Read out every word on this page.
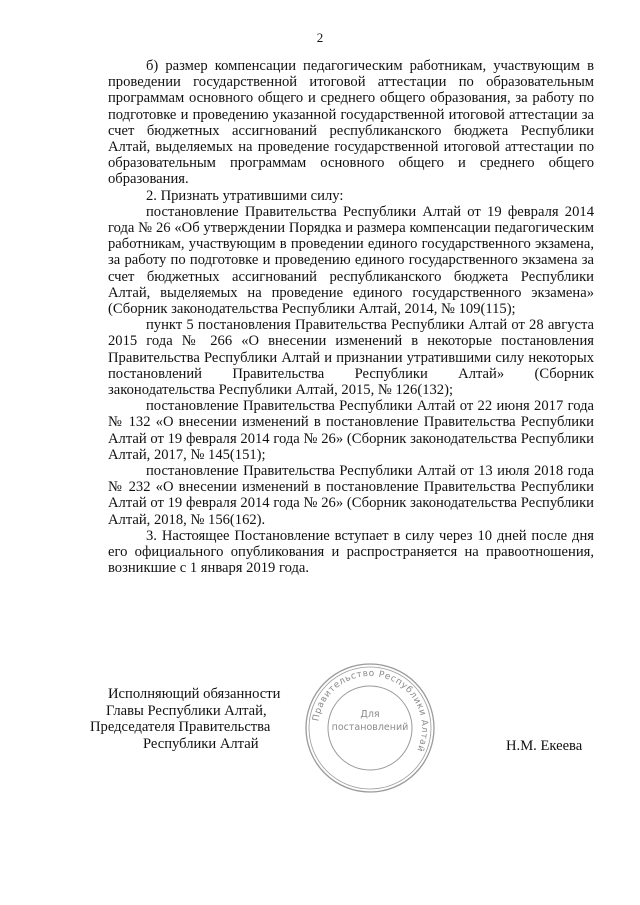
2

б) размер компенсации педагогическим работникам, участвующим в проведении государственной итоговой аттестации по образовательным программам основного общего и среднего общего образования, за работу по подготовке и проведению указанной государственной итоговой аттестации за счет бюджетных ассигнований республиканского бюджета Республики Алтай, выделяемых на проведение государственной итоговой аттестации по образовательным программам основного общего и среднего общего образования.

2. Признать утратившими силу:

постановление Правительства Республики Алтай от 19 февраля 2014 года № 26 «Об утверждении Порядка и размера компенсации педагогическим работникам, участвующим в проведении единого государственного экзамена, за работу по подготовке и проведению единого государственного экзамена за счет бюджетных ассигнований республиканского бюджета Республики Алтай, выделяемых на проведение единого государственного экзамена» (Сборник законодательства Республики Алтай, 2014, № 109(115);

пункт 5 постановления Правительства Республики Алтай от 28 августа 2015 года № 266 «О внесении изменений в некоторые постановления Правительства Республики Алтай и признании утратившими силу некоторых постановлений Правительства Республики Алтай» (Сборник законодательства Республики Алтай, 2015, № 126(132);

постановление Правительства Республики Алтай от 22 июня 2017 года № 132 «О внесении изменений в постановление Правительства Республики Алтай от 19 февраля 2014 года № 26» (Сборник законодательства Республики Алтай, 2017, № 145(151);

постановление Правительства Республики Алтай от 13 июля 2018 года № 232 «О внесении изменений в постановление Правительства Республики Алтай от 19 февраля 2014 года № 26» (Сборник законодательства Республики Алтай, 2018, № 156(162).

3. Настоящее Постановление вступает в силу через 10 дней после дня его официального опубликования и распространяется на правоотношения, возникшие с 1 января 2019 года.

Исполняющий обязанности
Главы Республики Алтай,
Председателя Правительства
Республики Алтай
Правительство Республики Алтай
Для
постановлений
Н.М. Екеева
